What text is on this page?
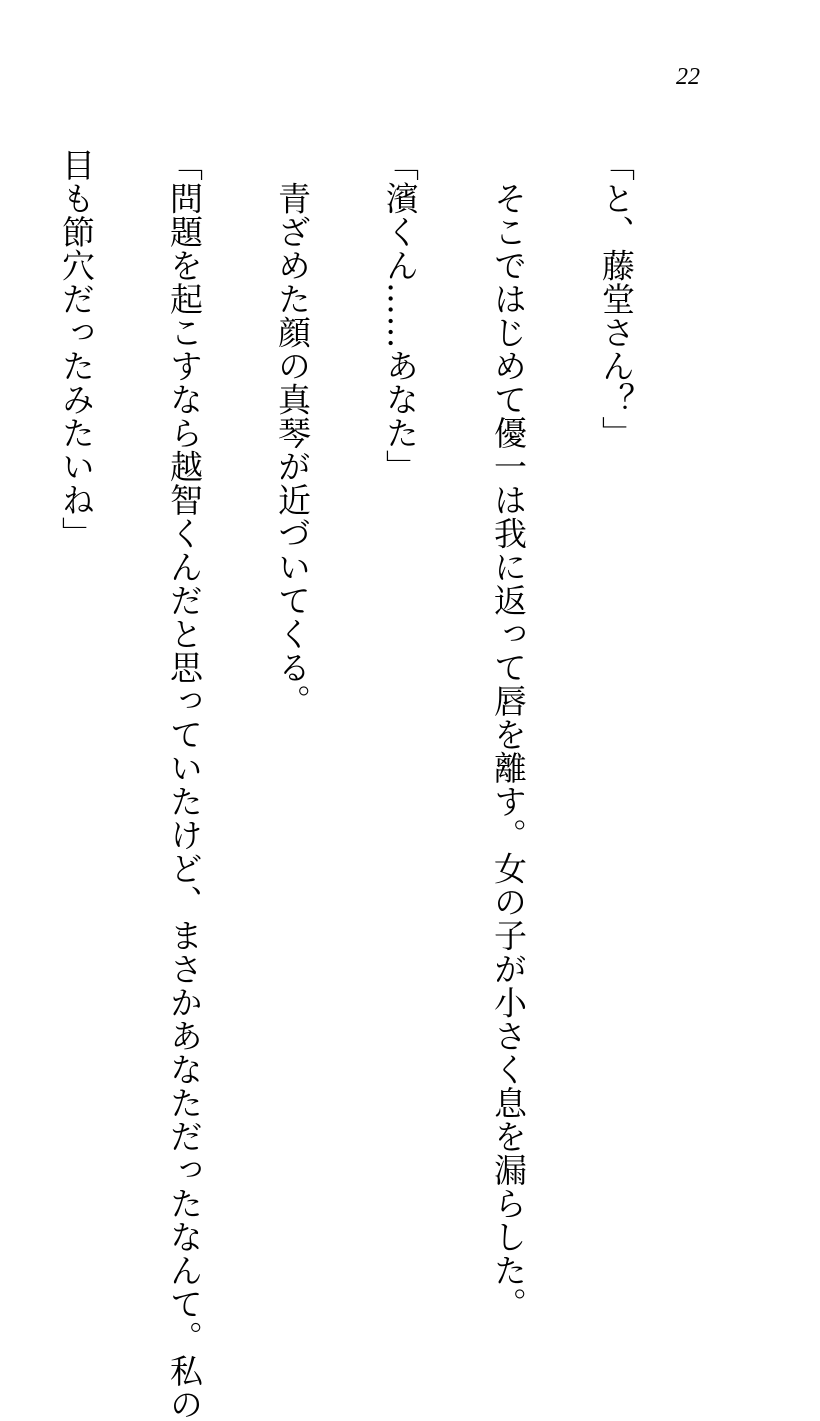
22

「と、藤堂さん？」

　そこではじめて優一は我に返って唇を離す。女の子が小さく息を漏らした。

「濱くん……あなた」

　青ざめた顔の真琴が近づいてくる。

「問題を起こすなら越智くんだと思っていたけど、まさかあなただったなんて。私の

目も節穴だったみたいね」
